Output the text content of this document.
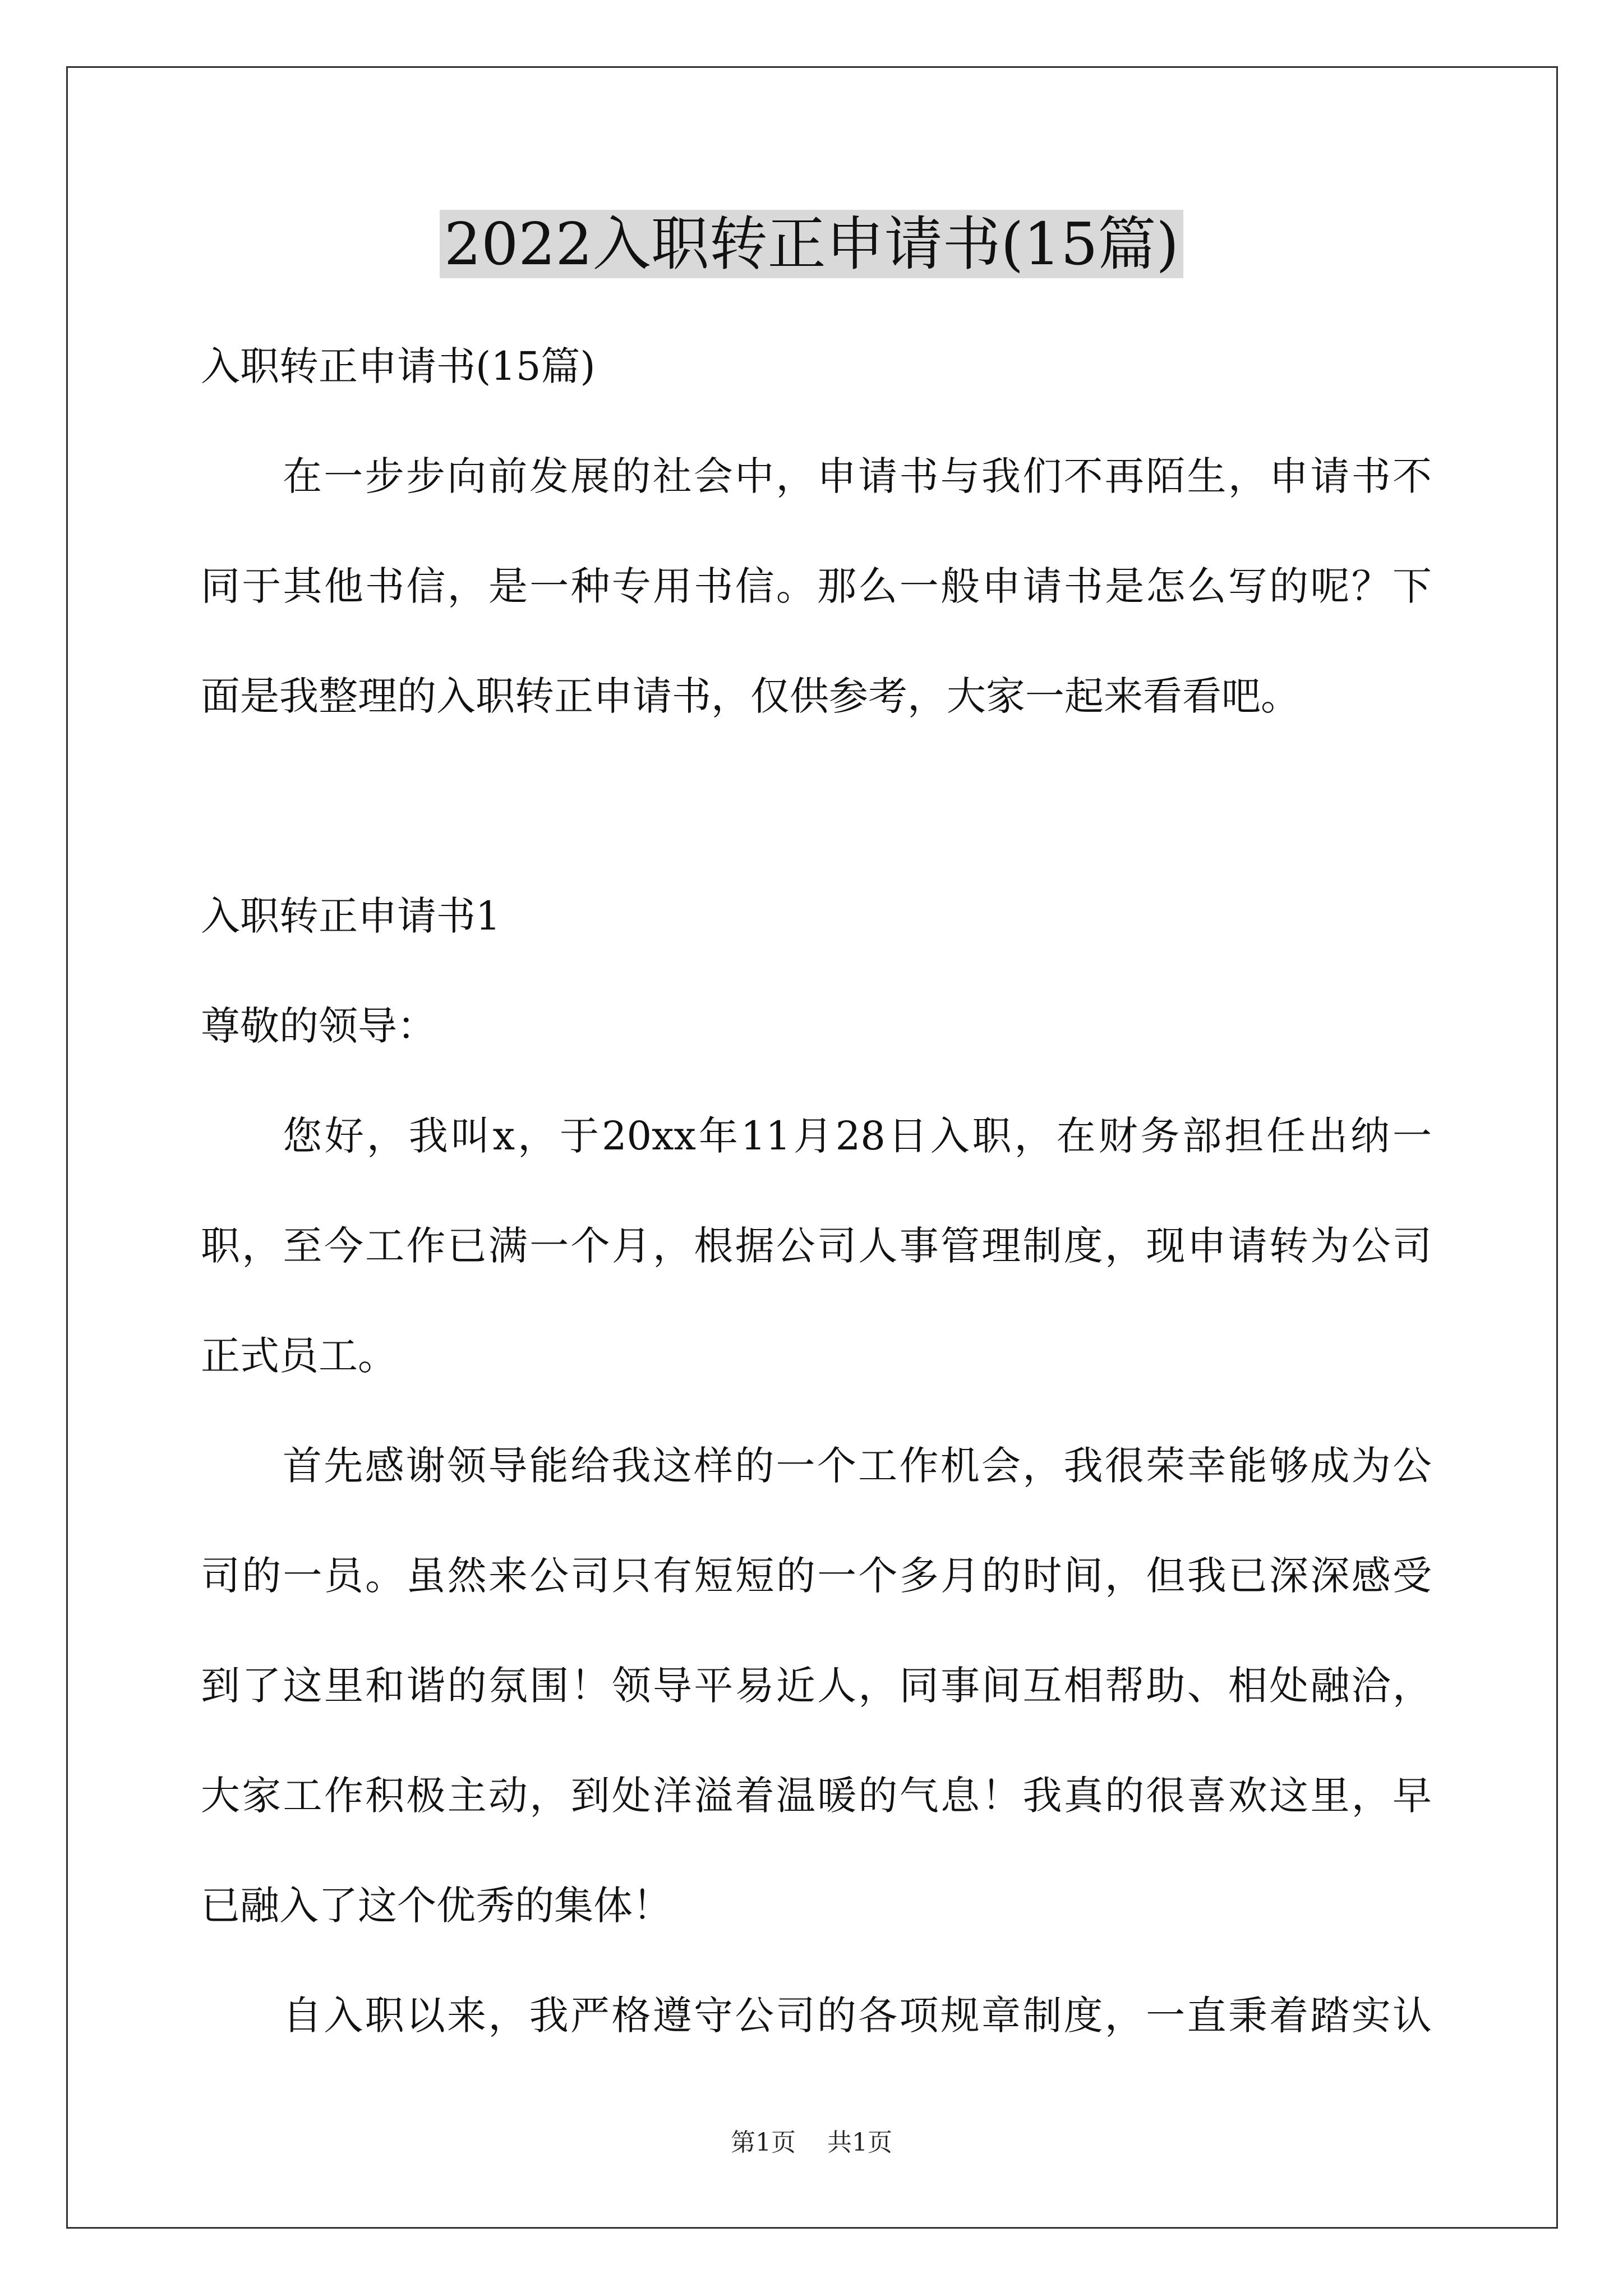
2022入职转正申请书(15篇)
入职转正申请书(15篇)
在一步步向前发展的社会中，申请书与我们不再陌生，申请书不
同于其他书信，是一种专用书信。那么一般申请书是怎么写的呢？下
面是我整理的入职转正申请书，仅供参考，大家一起来看看吧。
入职转正申请书1
尊敬的领导：
您好，我叫x，于20xx年11月28日入职，在财务部担任出纳一
职，至今工作已满一个月，根据公司人事管理制度，现申请转为公司
正式员工。
首先感谢领导能给我这样的一个工作机会，我很荣幸能够成为公
司的一员。虽然来公司只有短短的一个多月的时间，但我已深深感受
到了这里和谐的氛围！领导平易近人，同事间互相帮助、相处融洽，
大家工作积极主动，到处洋溢着温暖的气息！我真的很喜欢这里，早
已融入了这个优秀的集体！
自入职以来，我严格遵守公司的各项规章制度，一直秉着踏实认
第1页 共1页
